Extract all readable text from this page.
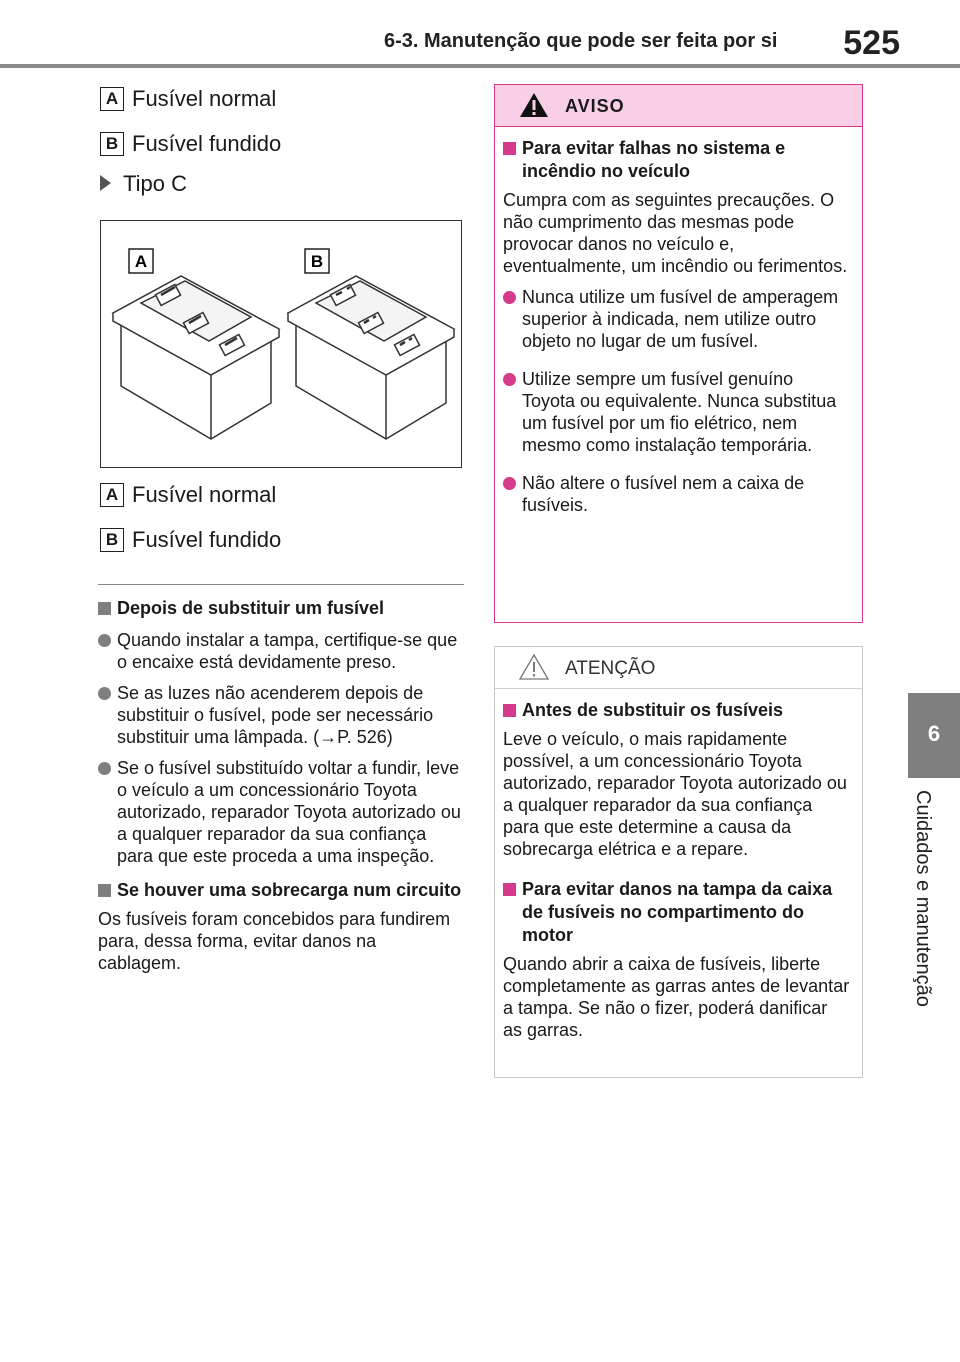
6-3. Manutenção que pode ser feita por si 525
6
Cuidados e manutenção
A Fusível normal
B Fusível fundido
Tipo C
A	B
A Fusível normal
B Fusível fundido
Depois de substituir um fusível
Quando instalar a tampa, certifique-se que o encaixe está devidamente preso.
Se as luzes não acenderem depois de substituir o fusível, pode ser necessário substituir uma lâmpada. (→P. 526)
Se o fusível substituído voltar a fundir, leve o veículo a um concessionário Toyota autorizado, reparador Toyota autorizado ou a qualquer reparador da sua confiança para que este proceda a uma inspeção.
Se houver uma sobrecarga num circuito
Os fusíveis foram concebidos para fundirem para, dessa forma, evitar danos na cablagem.
AVISO
Para evitar falhas no sistema e incêndio no veículo
Cumpra com as seguintes precauções. O não cumprimento das mesmas pode provocar danos no veículo e, eventualmente, um incêndio ou ferimentos.
Nunca utilize um fusível de amperagem superior à indicada, nem utilize outro objeto no lugar de um fusível.
Utilize sempre um fusível genuíno Toyota ou equivalente. Nunca substitua um fusível por um fio elétrico, nem mesmo como instalação temporária.
Não altere o fusível nem a caixa de fusíveis.
ATENÇÃO
Antes de substituir os fusíveis
Leve o veículo, o mais rapidamente possível, a um concessionário Toyota autorizado, reparador Toyota autorizado ou a qualquer reparador da sua confiança para que este determine a causa da sobrecarga elétrica e a repare.
Para evitar danos na tampa da caixa de fusíveis no compartimento do motor
Quando abrir a caixa de fusíveis, liberte completamente as garras antes de levantar a tampa. Se não o fizer, poderá danificar as garras.
